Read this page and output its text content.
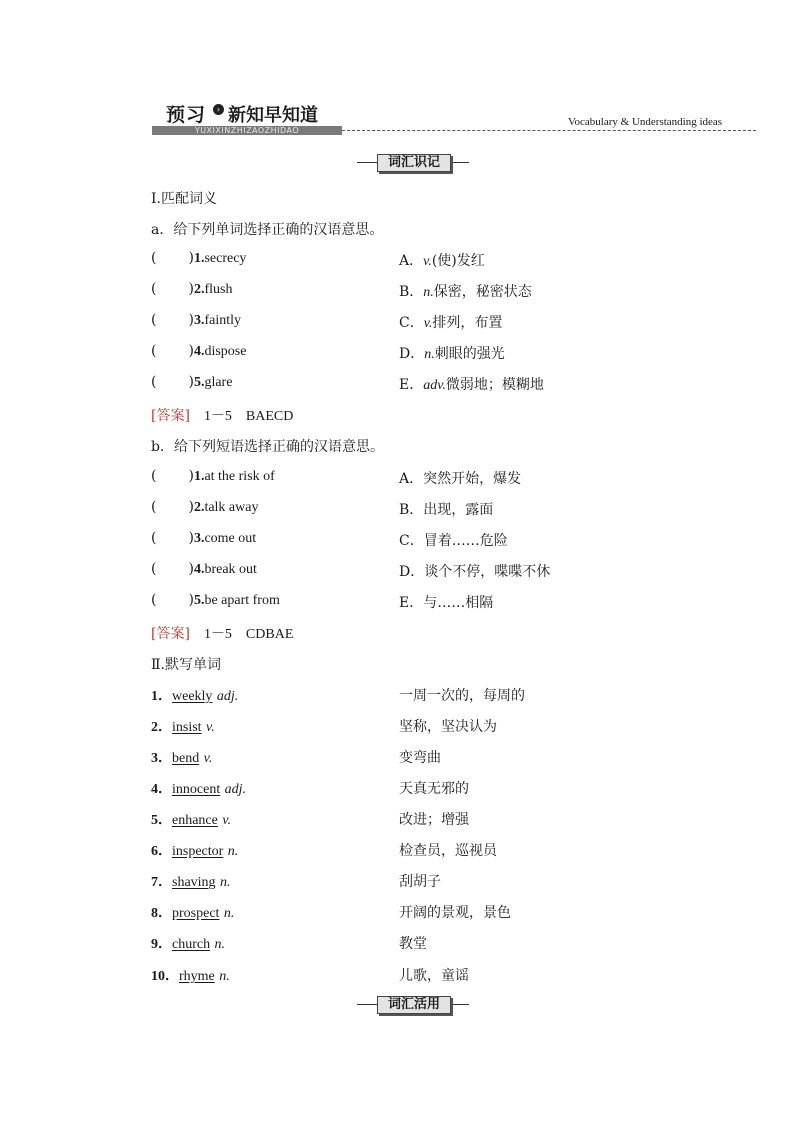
预习	› 新知早知道
YUXIXINZHIZAOZHIDAO
Vocabulary & Understanding ideas
词汇识记
Ⅰ.匹配词义
a．给下列单词选择正确的汉语意思。
( )1.secrecy
( )2.flush
( )3.faintly
( )4.dispose
( )5.glare
A．v.(使)发红
B．n.保密，秘密状态
C．v.排列，布置
D．n.刺眼的强光
E．adv.微弱地；模糊地
[答案] 1－5　BAECD
b．给下列短语选择正确的汉语意思。
( )1.at the risk of
( )2.talk away
( )3.come out
( )4.break out
( )5.be apart from
A．突然开始，爆发
B．出现，露面
C．冒着……危险
D．谈个不停，喋喋不休
E．与……相隔
[答案] 1－5　CDBAE
Ⅱ.默写单词
1．weekly adj.
2．insist v.
3．bend v.
4．innocent adj.
5．enhance v.
6．inspector n.
7．shaving n.
8．prospect n.
9．church n.
10．rhyme n.
一周一次的，每周的
坚称，坚决认为
变弯曲
天真无邪的
改进；增强
检查员，巡视员
刮胡子
开阔的景观，景色
教堂
儿歌，童谣
词汇活用
